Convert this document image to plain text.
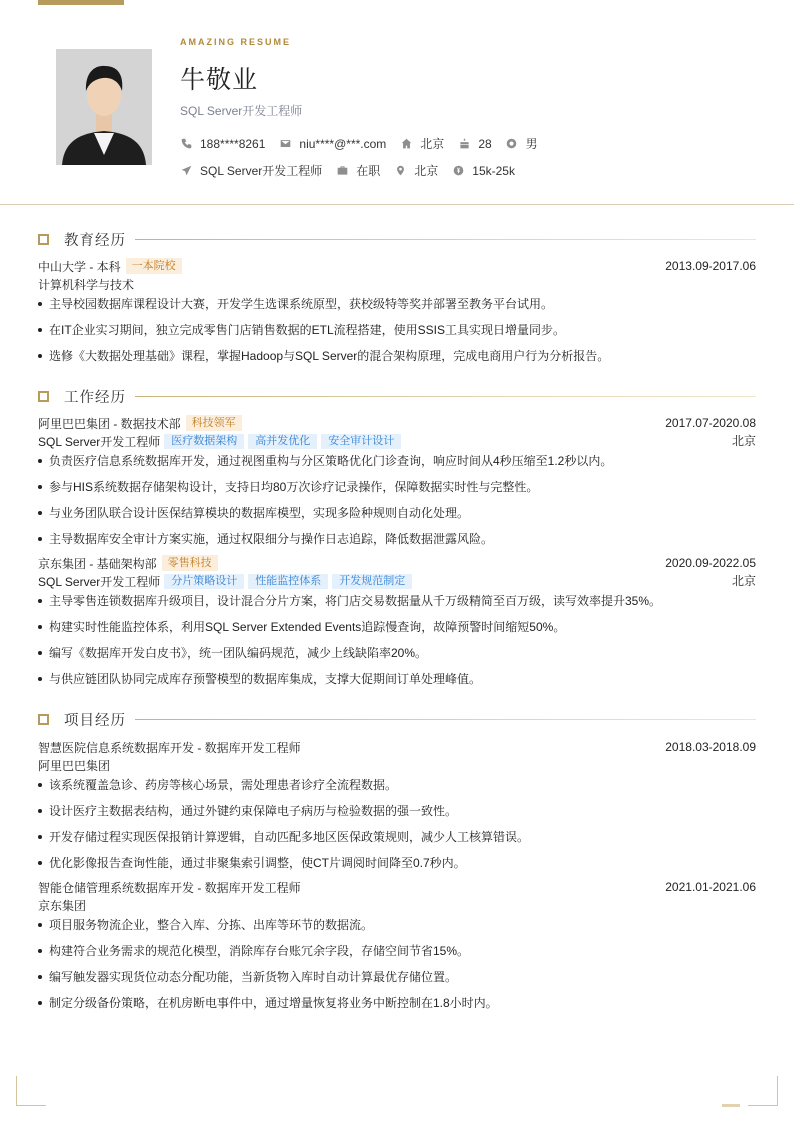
AMAZING RESUME
牛敬业
SQL Server开发工程师
188****8261	niu****@***.com	北京	28	男
SQL Server开发工程师	在职	北京	15k-25k
教育经历
中山大学 - 本科	一本院校	2013.09-2017.06
计算机科学与技术
主导校园数据库课程设计大赛，开发学生选课系统原型，获校级特等奖并部署至教务平台试用。
在IT企业实习期间，独立完成零售门店销售数据的ETL流程搭建，使用SSIS工具实现日增量同步。
选修《大数据处理基础》课程，掌握Hadoop与SQL Server的混合架构原理，完成电商用户行为分析报告。
工作经历
阿里巴巴集团 - 数据技术部	科技领军	2017.07-2020.08
SQL Server开发工程师	医疗数据架构	高并发优化	安全审计设计	北京
负责医疗信息系统数据库开发，通过视图重构与分区策略优化门诊查询，响应时间从4秒压缩至1.2秒以内。
参与HIS系统数据存储架构设计，支持日均80万次诊疗记录操作，保障数据实时性与完整性。
与业务团队联合设计医保结算模块的数据库模型，实现多险种规则自动化处理。
主导数据库安全审计方案实施，通过权限细分与操作日志追踪，降低数据泄露风险。
京东集团 - 基础架构部	零售科技	2020.09-2022.05
SQL Server开发工程师	分片策略设计	性能监控体系	开发规范制定	北京
主导零售连锁数据库升级项目，设计混合分片方案，将门店交易数据量从千万级精简至百万级，读写效率提升35%。
构建实时性能监控体系，利用SQL Server Extended Events追踪慢查询，故障预警时间缩短50%。
编写《数据库开发白皮书》，统一团队编码规范，减少上线缺陷率20%。
与供应链团队协同完成库存预警模型的数据库集成，支撑大促期间订单处理峰值。
项目经历
智慧医院信息系统数据库开发 - 数据库开发工程师	2018.03-2018.09
阿里巴巴集团
该系统覆盖急诊、药房等核心场景，需处理患者诊疗全流程数据。
设计医疗主数据表结构，通过外键约束保障电子病历与检验数据的强一致性。
开发存储过程实现医保报销计算逻辑，自动匹配多地区医保政策规则，减少人工核算错误。
优化影像报告查询性能，通过非聚集索引调整，使CT片调阅时间降至0.7秒内。
智能仓储管理系统数据库开发 - 数据库开发工程师	2021.01-2021.06
京东集团
项目服务物流企业，整合入库、分拣、出库等环节的数据流。
构建符合业务需求的规范化模型，消除库存台账冗余字段，存储空间节省15%。
编写触发器实现货位动态分配功能，当新货物入库时自动计算最优存储位置。
制定分级备份策略，在机房断电事件中，通过增量恢复将业务中断控制在1.8小时内。
